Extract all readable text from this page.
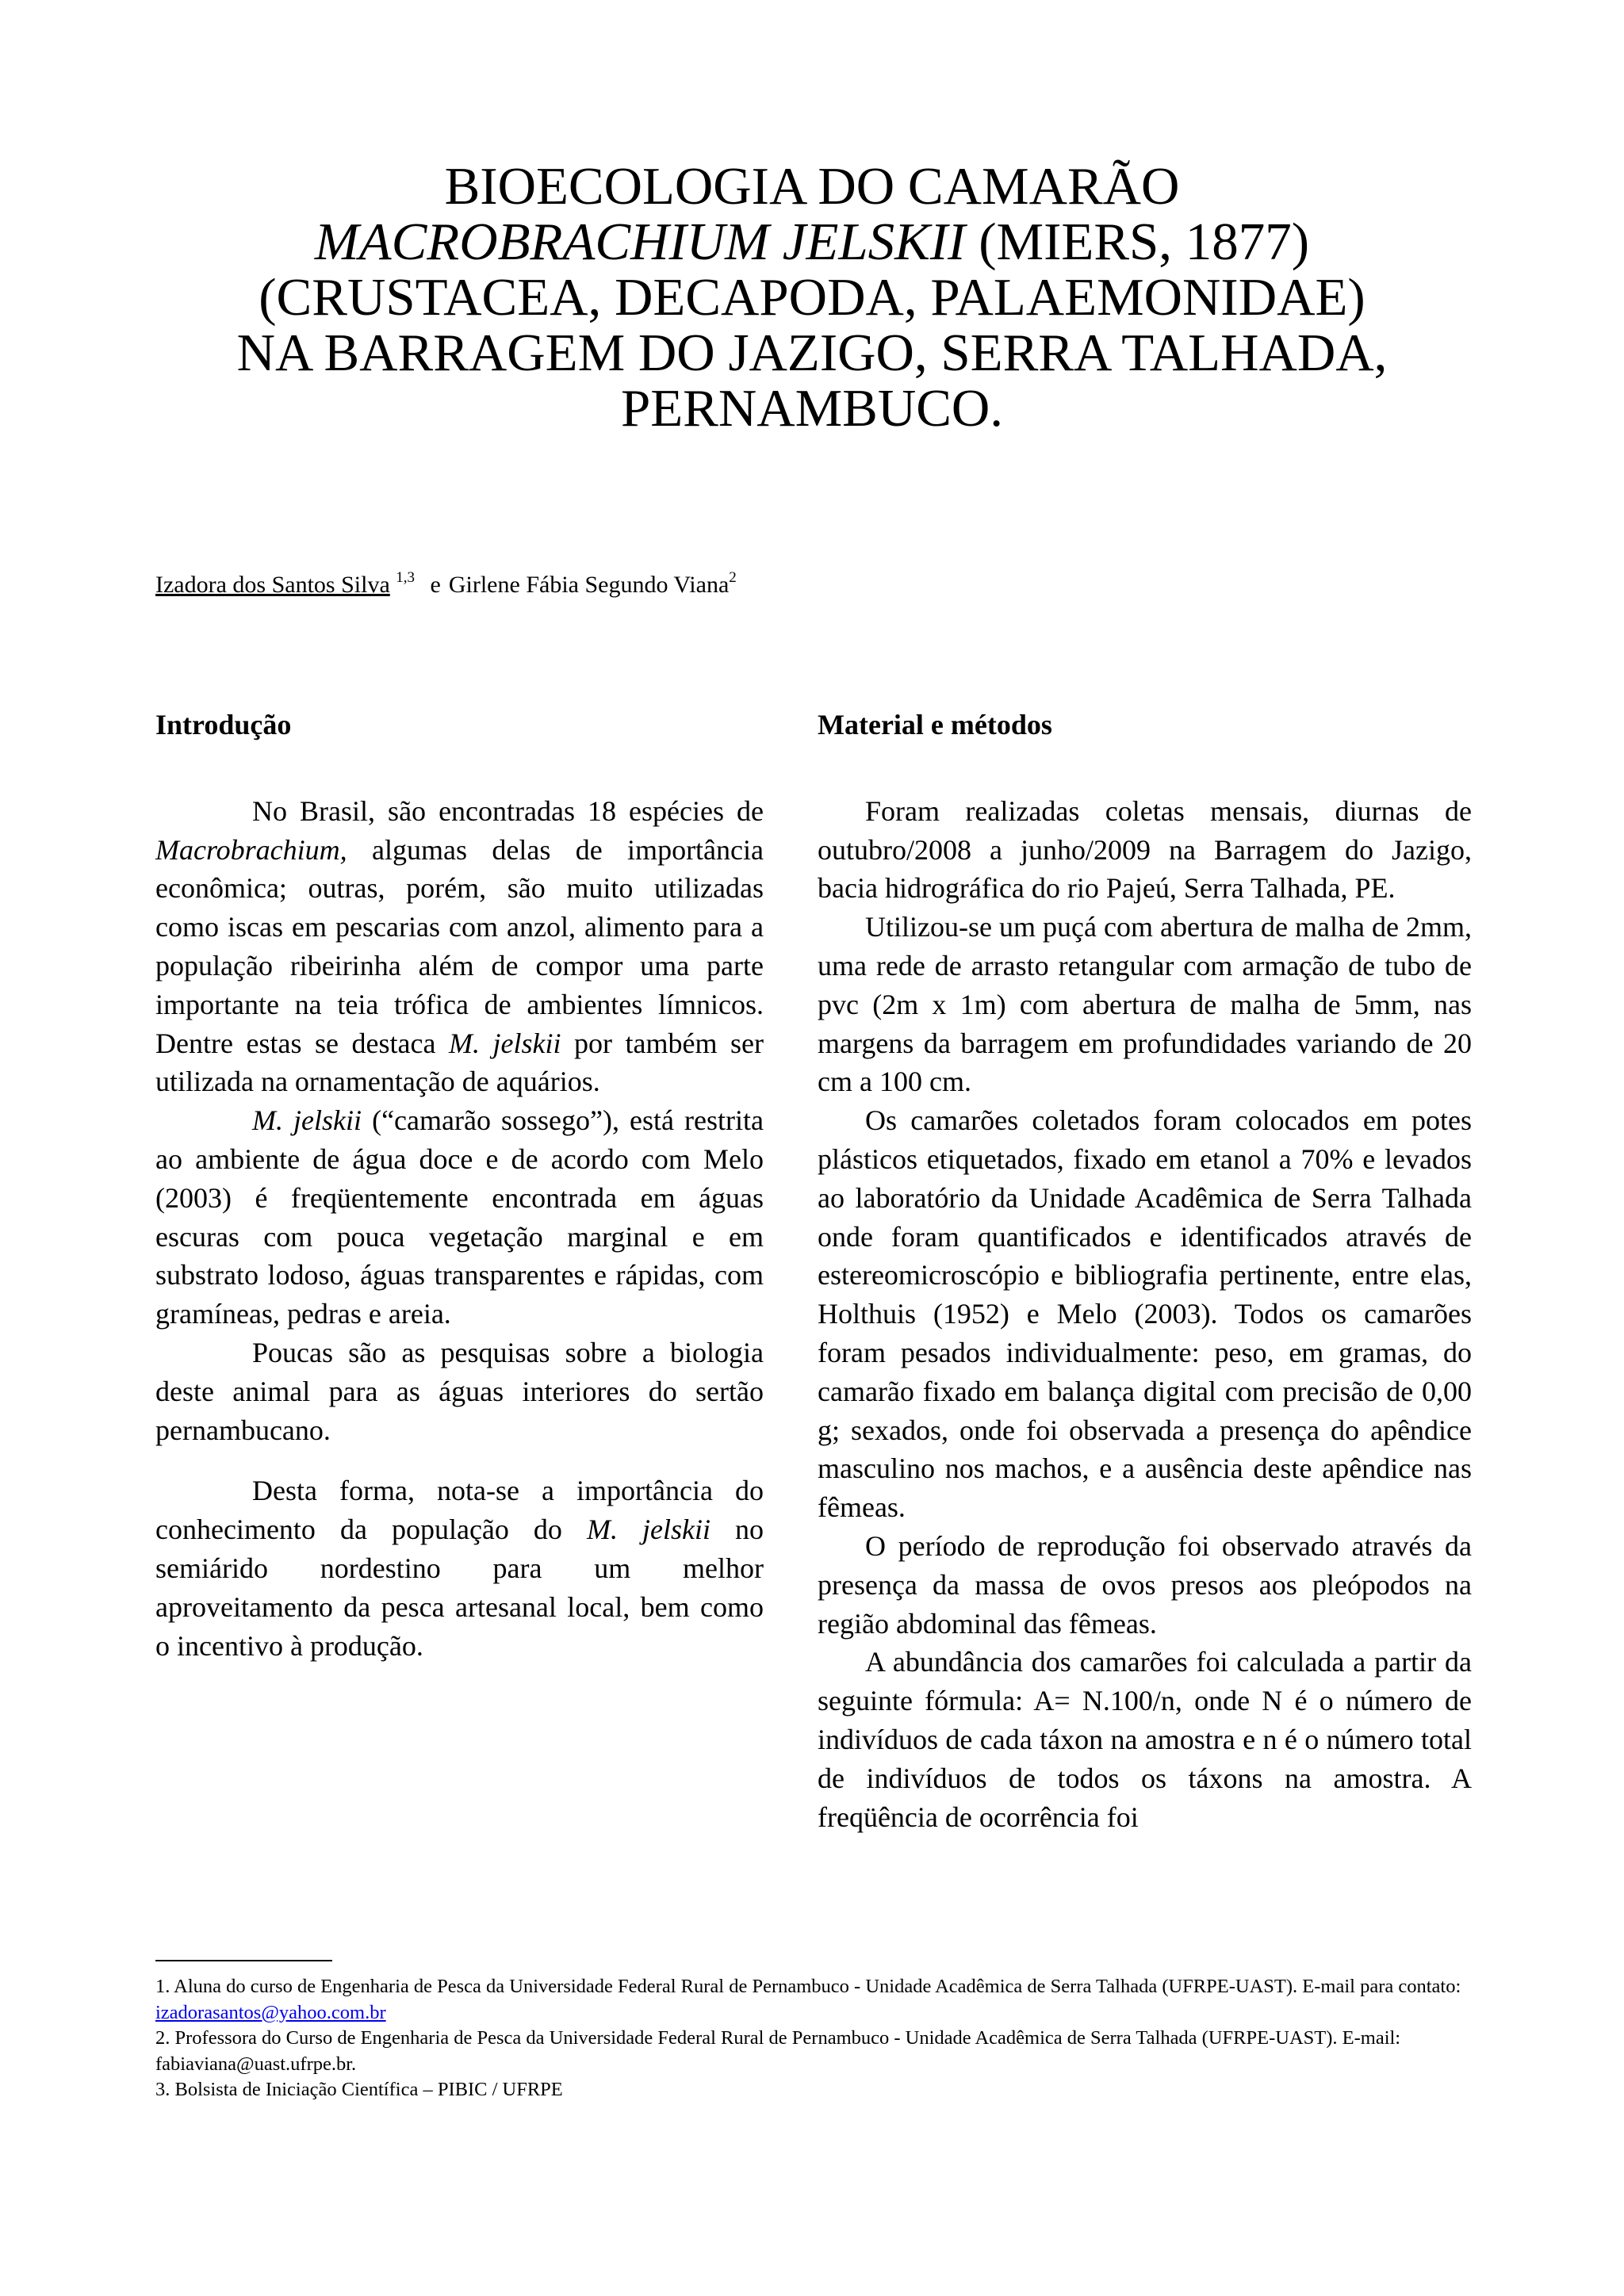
BIOECOLOGIA DO CAMARÃO
MACROBRACHIUM JELSKII (MIERS, 1877)
(CRUSTACEA, DECAPODA, PALAEMONIDAE)
NA BARRAGEM DO JAZIGO, SERRA TALHADA,
PERNAMBUCO.
Izadora dos Santos Silva $^{1,3}$ e Girlene Fábia Segundo Viana$^2$
Introdução

No Brasil, são encontradas 18 espécies de Macrobrachium, algumas delas de importância econômica; outras, porém, são muito utilizadas como iscas em pescarias com anzol, alimento para a população ribeirinha além de compor uma parte importante na teia trófica de ambientes límnicos. Dentre estas se destaca M. jelskii por também ser utilizada na ornamentação de aquários.

M. jelskii (“camarão sossego”), está restrita ao ambiente de água doce e de acordo com Melo (2003) é freqüentemente encontrada em águas escuras com pouca vegetação marginal e em substrato lodoso, águas transparentes e rápidas, com gramíneas, pedras e areia.

Poucas são as pesquisas sobre a biologia deste animal para as águas interiores do sertão pernambucano.

Desta forma, nota-se a importância do conhecimento da população do M. jelskii no semiárido nordestino para um melhor aproveitamento da pesca artesanal local, bem como o incentivo à produção.

Material e métodos

Foram realizadas coletas mensais, diurnas de outubro/2008 a junho/2009 na Barragem do Jazigo, bacia hidrográfica do rio Pajeú, Serra Talhada, PE.

Utilizou-se um puçá com abertura de malha de 2mm, uma rede de arrasto retangular com armação de tubo de pvc (2m x 1m) com abertura de malha de 5mm, nas margens da barragem em profundidades variando de 20 cm a 100 cm.

Os camarões coletados foram colocados em potes plásticos etiquetados, fixado em etanol a 70% e levados ao laboratório da Unidade Acadêmica de Serra Talhada onde foram quantificados e identificados através de estereomicroscópio e bibliografia pertinente, entre elas, Holthuis (1952) e Melo (2003). Todos os camarões foram pesados individualmente: peso, em gramas, do camarão fixado em balança digital com precisão de 0,00 g; sexados, onde foi observada a presença do apêndice masculino nos machos, e a ausência deste apêndice nas fêmeas.

O período de reprodução foi observado através da presença da massa de ovos presos aos pleópodos na região abdominal das fêmeas.

A abundância dos camarões foi calculada a partir da seguinte fórmula: A= N.100/n, onde N é o número de indivíduos de cada táxon na amostra e n é o número total de indivíduos de todos os táxons na amostra. A freqüência de ocorrência foi

1. Aluna do curso de Engenharia de Pesca da Universidade Federal Rural de Pernambuco - Unidade Acadêmica de Serra Talhada (UFRPE-UAST). E-mail para contato: izadorasantos@yahoo.com.br

2. Professora do Curso de Engenharia de Pesca da Universidade Federal Rural de Pernambuco - Unidade Acadêmica de Serra Talhada (UFRPE-UAST). E-mail: fabiaviana@uast.ufrpe.br.

3. Bolsista de Iniciação Científica – PIBIC / UFRPE
